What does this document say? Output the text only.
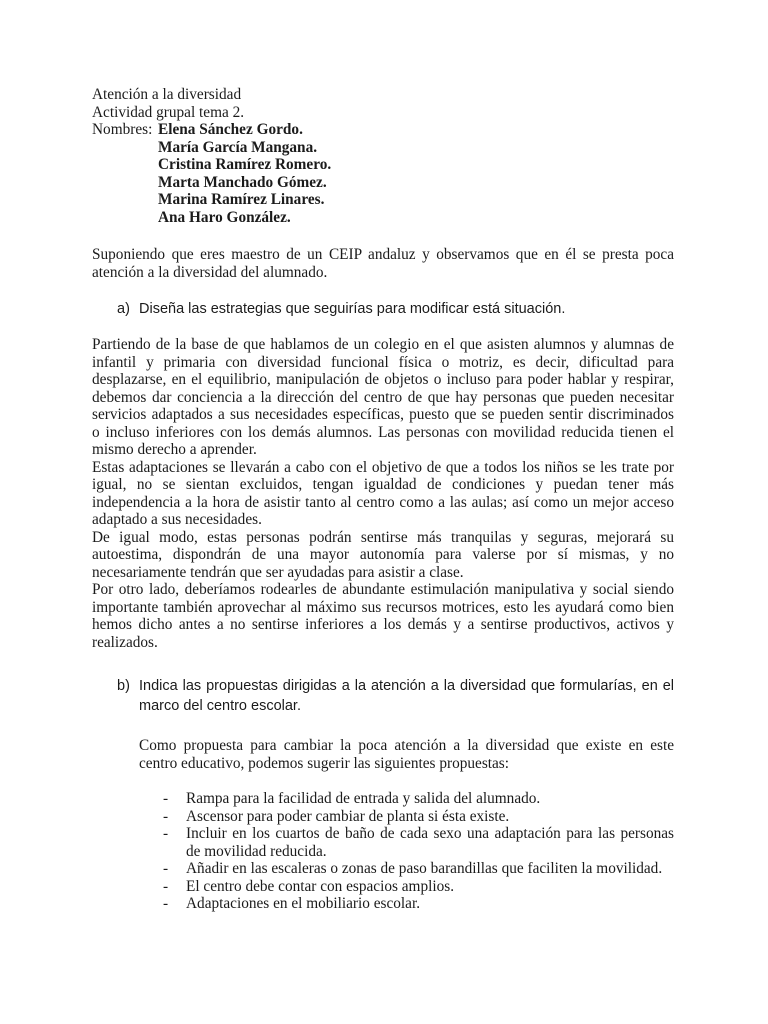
Atención a la diversidad
Actividad grupal tema 2.
Nombres: Elena Sánchez Gordo.
María García Mangana.
Cristina Ramírez Romero.
Marta Manchado Gómez.
Marina Ramírez Linares.
Ana Haro González.
Suponiendo que eres maestro de un CEIP andaluz y observamos que en él se presta poca
atención a la diversidad del alumnado.
a) Diseña las estrategias que seguirías para modificar está situación.
Partiendo de la base de que hablamos de un colegio en el que asisten alumnos y alumnas de
infantil y primaria con diversidad funcional física o motriz, es decir, dificultad para
desplazarse, en el equilibrio, manipulación de objetos o incluso para poder hablar y respirar,
debemos dar conciencia a la dirección del centro de que hay personas que pueden necesitar
servicios adaptados a sus necesidades específicas, puesto que se pueden sentir discriminados
o incluso inferiores con los demás alumnos. Las personas con movilidad reducida tienen el
mismo derecho a aprender.
Estas adaptaciones se llevarán a cabo con el objetivo de que a todos los niños se les trate por
igual, no se sientan excluidos, tengan igualdad de condiciones y puedan tener más
independencia a la hora de asistir tanto al centro como a las aulas; así como un mejor acceso
adaptado a sus necesidades.
De igual modo, estas personas podrán sentirse más tranquilas y seguras, mejorará su
autoestima, dispondrán de una mayor autonomía para valerse por sí mismas, y no
necesariamente tendrán que ser ayudadas para asistir a clase.
Por otro lado, deberíamos rodearles de abundante estimulación manipulativa y social siendo
importante también aprovechar al máximo sus recursos motrices, esto les ayudará como bien
hemos dicho antes a no sentirse inferiores a los demás y a sentirse productivos, activos y
realizados.
b) Indica las propuestas dirigidas a la atención a la diversidad que formularías, en el
marco del centro escolar.
Como propuesta para cambiar la poca atención a la diversidad que existe en este
centro educativo, podemos sugerir las siguientes propuestas:
-	Rampa para la facilidad de entrada y salida del alumnado.
-	Ascensor para poder cambiar de planta si ésta existe.
-	Incluir en los cuartos de baño de cada sexo una adaptación para las personas
de movilidad reducida.
-	Añadir en las escaleras o zonas de paso barandillas que faciliten la movilidad.
-	El centro debe contar con espacios amplios.
-	Adaptaciones en el mobiliario escolar.
